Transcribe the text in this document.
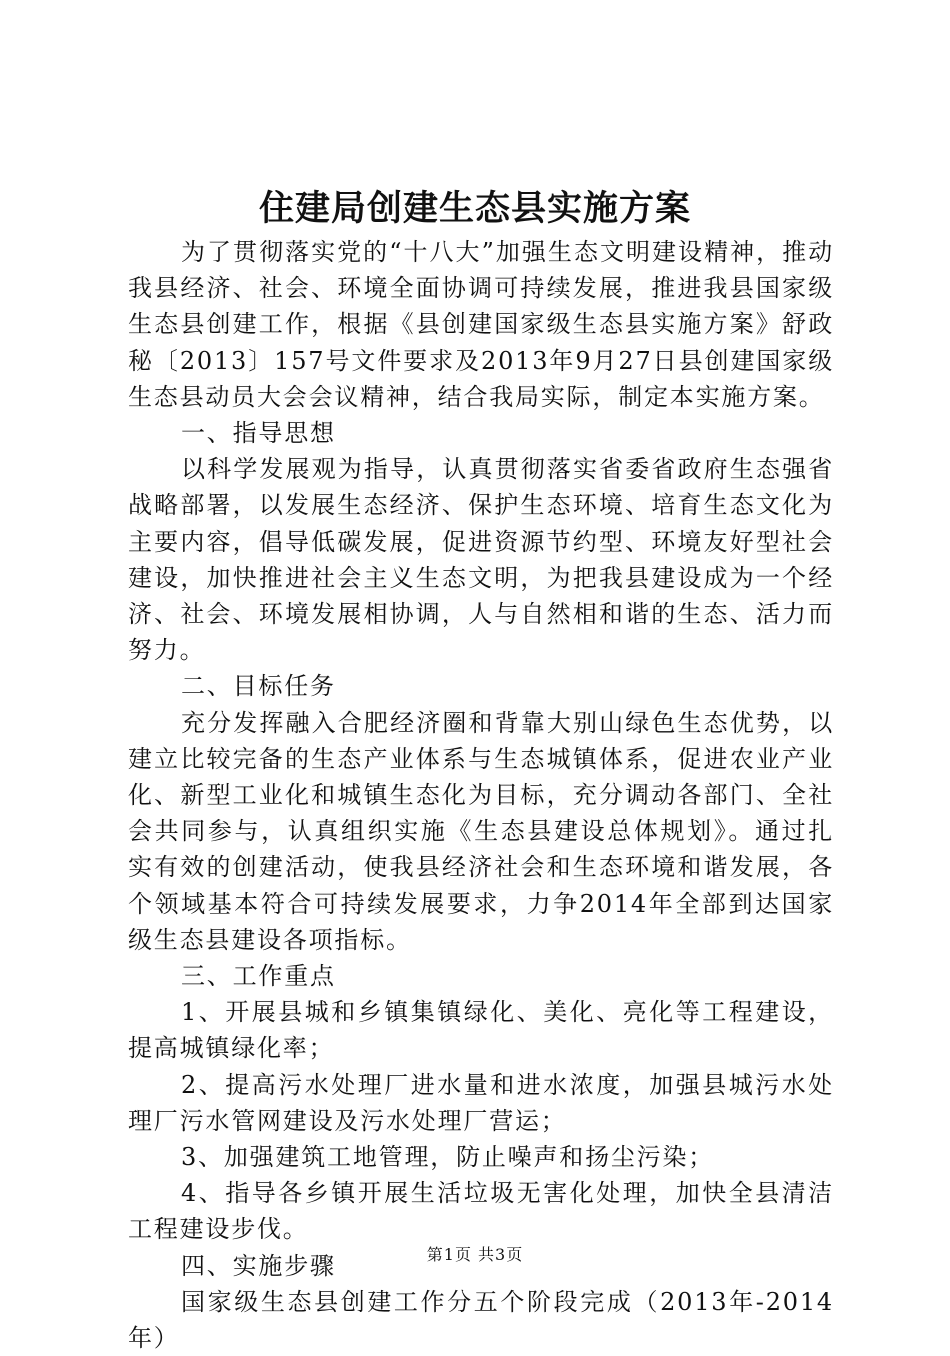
住建局创建生态县实施方案

为了贯彻落实党的“十八大”加强生态文明建设精神，推动我县经济、社会、环境全面协调可持续发展，推进我县国家级生态县创建工作，根据《县创建国家级生态县实施方案》舒政秘〔2013〕157号文件要求及2013年9月27日县创建国家级生态县动员大会会议精神，结合我局实际，制定本实施方案。

一、指导思想

以科学发展观为指导，认真贯彻落实省委省政府生态强省战略部署，以发展生态经济、保护生态环境、培育生态文化为主要内容，倡导低碳发展，促进资源节约型、环境友好型社会建设，加快推进社会主义生态文明，为把我县建设成为一个经济、社会、环境发展相协调，人与自然相和谐的生态、活力而努力。

二、目标任务

充分发挥融入合肥经济圈和背靠大别山绿色生态优势，以建立比较完备的生态产业体系与生态城镇体系，促进农业产业化、新型工业化和城镇生态化为目标，充分调动各部门、全社会共同参与，认真组织实施《生态县建设总体规划》。通过扎实有效的创建活动，使我县经济社会和生态环境和谐发展，各个领域基本符合可持续发展要求，力争2014年全部到达国家级生态县建设各项指标。

三、工作重点

1、开展县城和乡镇集镇绿化、美化、亮化等工程建设，提高城镇绿化率；

2、提高污水处理厂进水量和进水浓度，加强县城污水处理厂污水管网建设及污水处理厂营运；

3、加强建筑工地管理，防止噪声和扬尘污染；

4、指导各乡镇开展生活垃圾无害化处理，加快全县清洁工程建设步伐。

四、实施步骤

国家级生态县创建工作分五个阶段完成（2013年-2014年）

第1页 共3页
